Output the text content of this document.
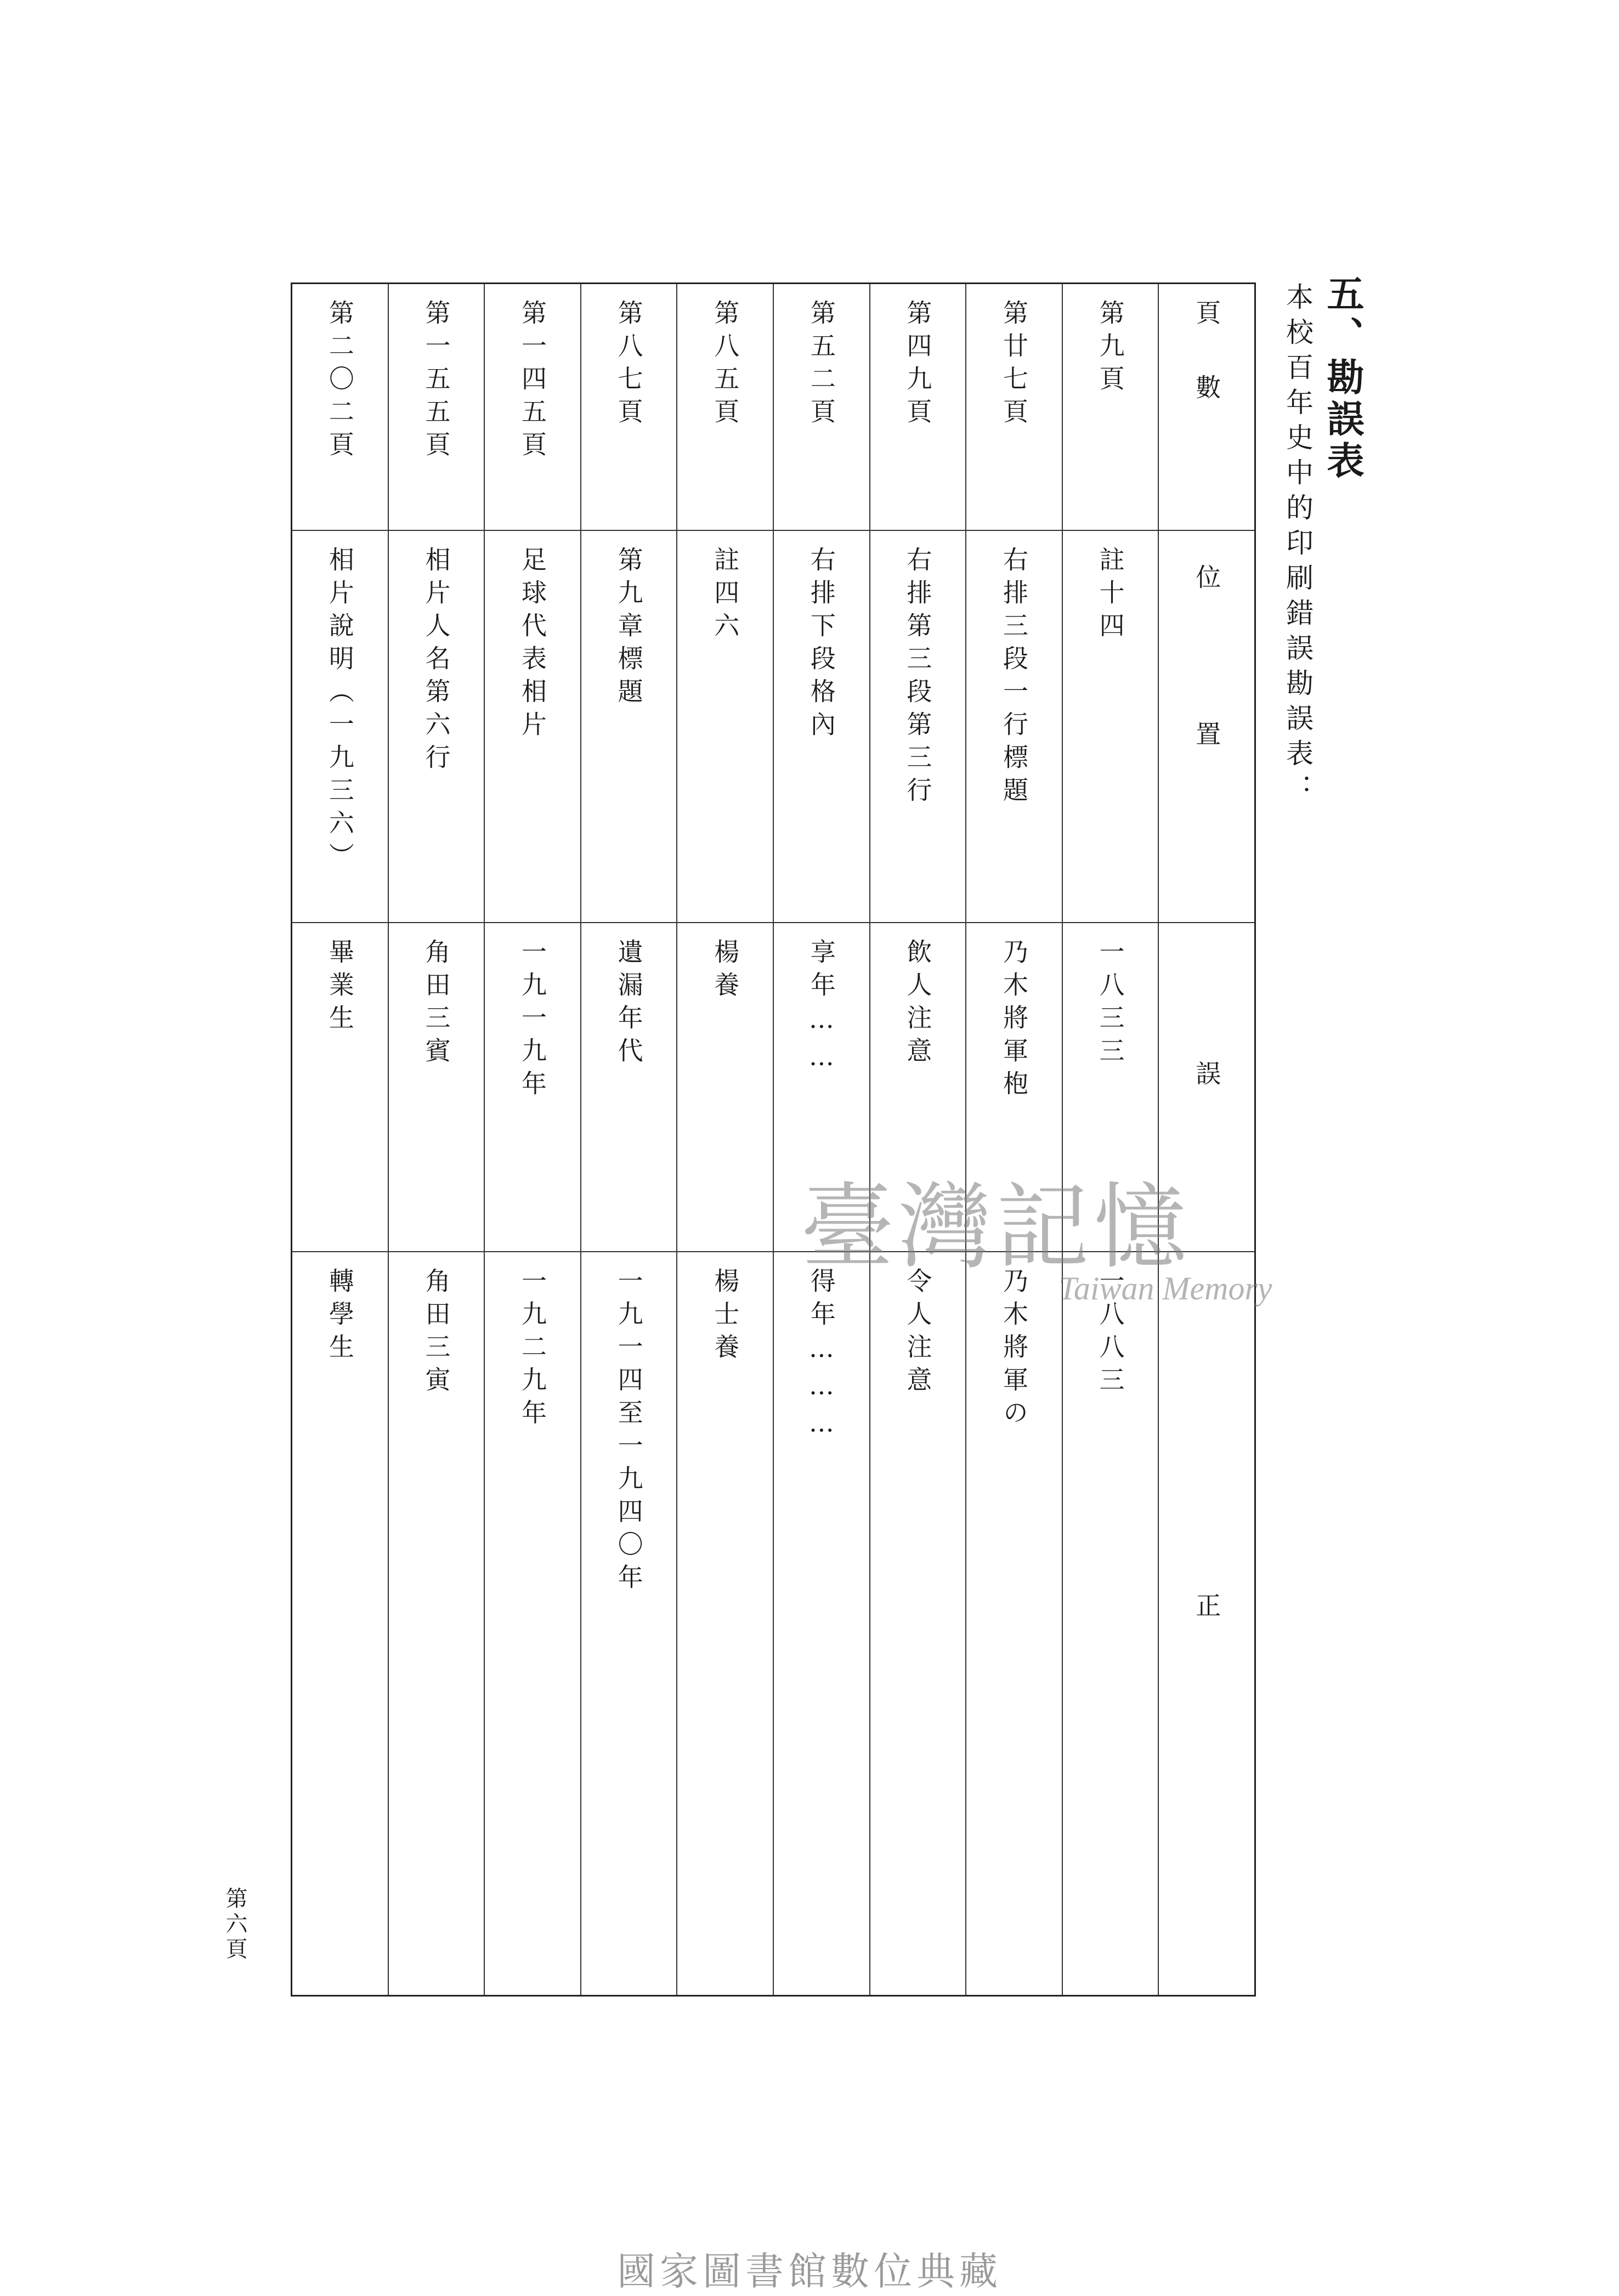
五、勘誤表
本校百年史中的印刷錯誤勘誤表：
頁數
位置
誤
正
第九頁
註十四
一八三三
一八八三
第廿七頁
右排三段一行標題
乃木將軍枹
乃木將軍の
第四九頁
右排第三段第三行
飲人注意
令人注意
第五二頁
右排下段格內
享年……
得年………
第八五頁
註四六
楊養
楊士養
第八七頁
第九章標題
遺漏年代
一九一四至一九四〇年
第一四五頁
足球代表相片
一九一九年
一九二九年
第一五五頁
相片人名第六行
角田三賓
角田三寅
第二〇二頁
相片說明（一九三六）
畢業生
轉學生
第六頁
臺灣記憶
Taiwan Memory
國家圖書館數位典藏
